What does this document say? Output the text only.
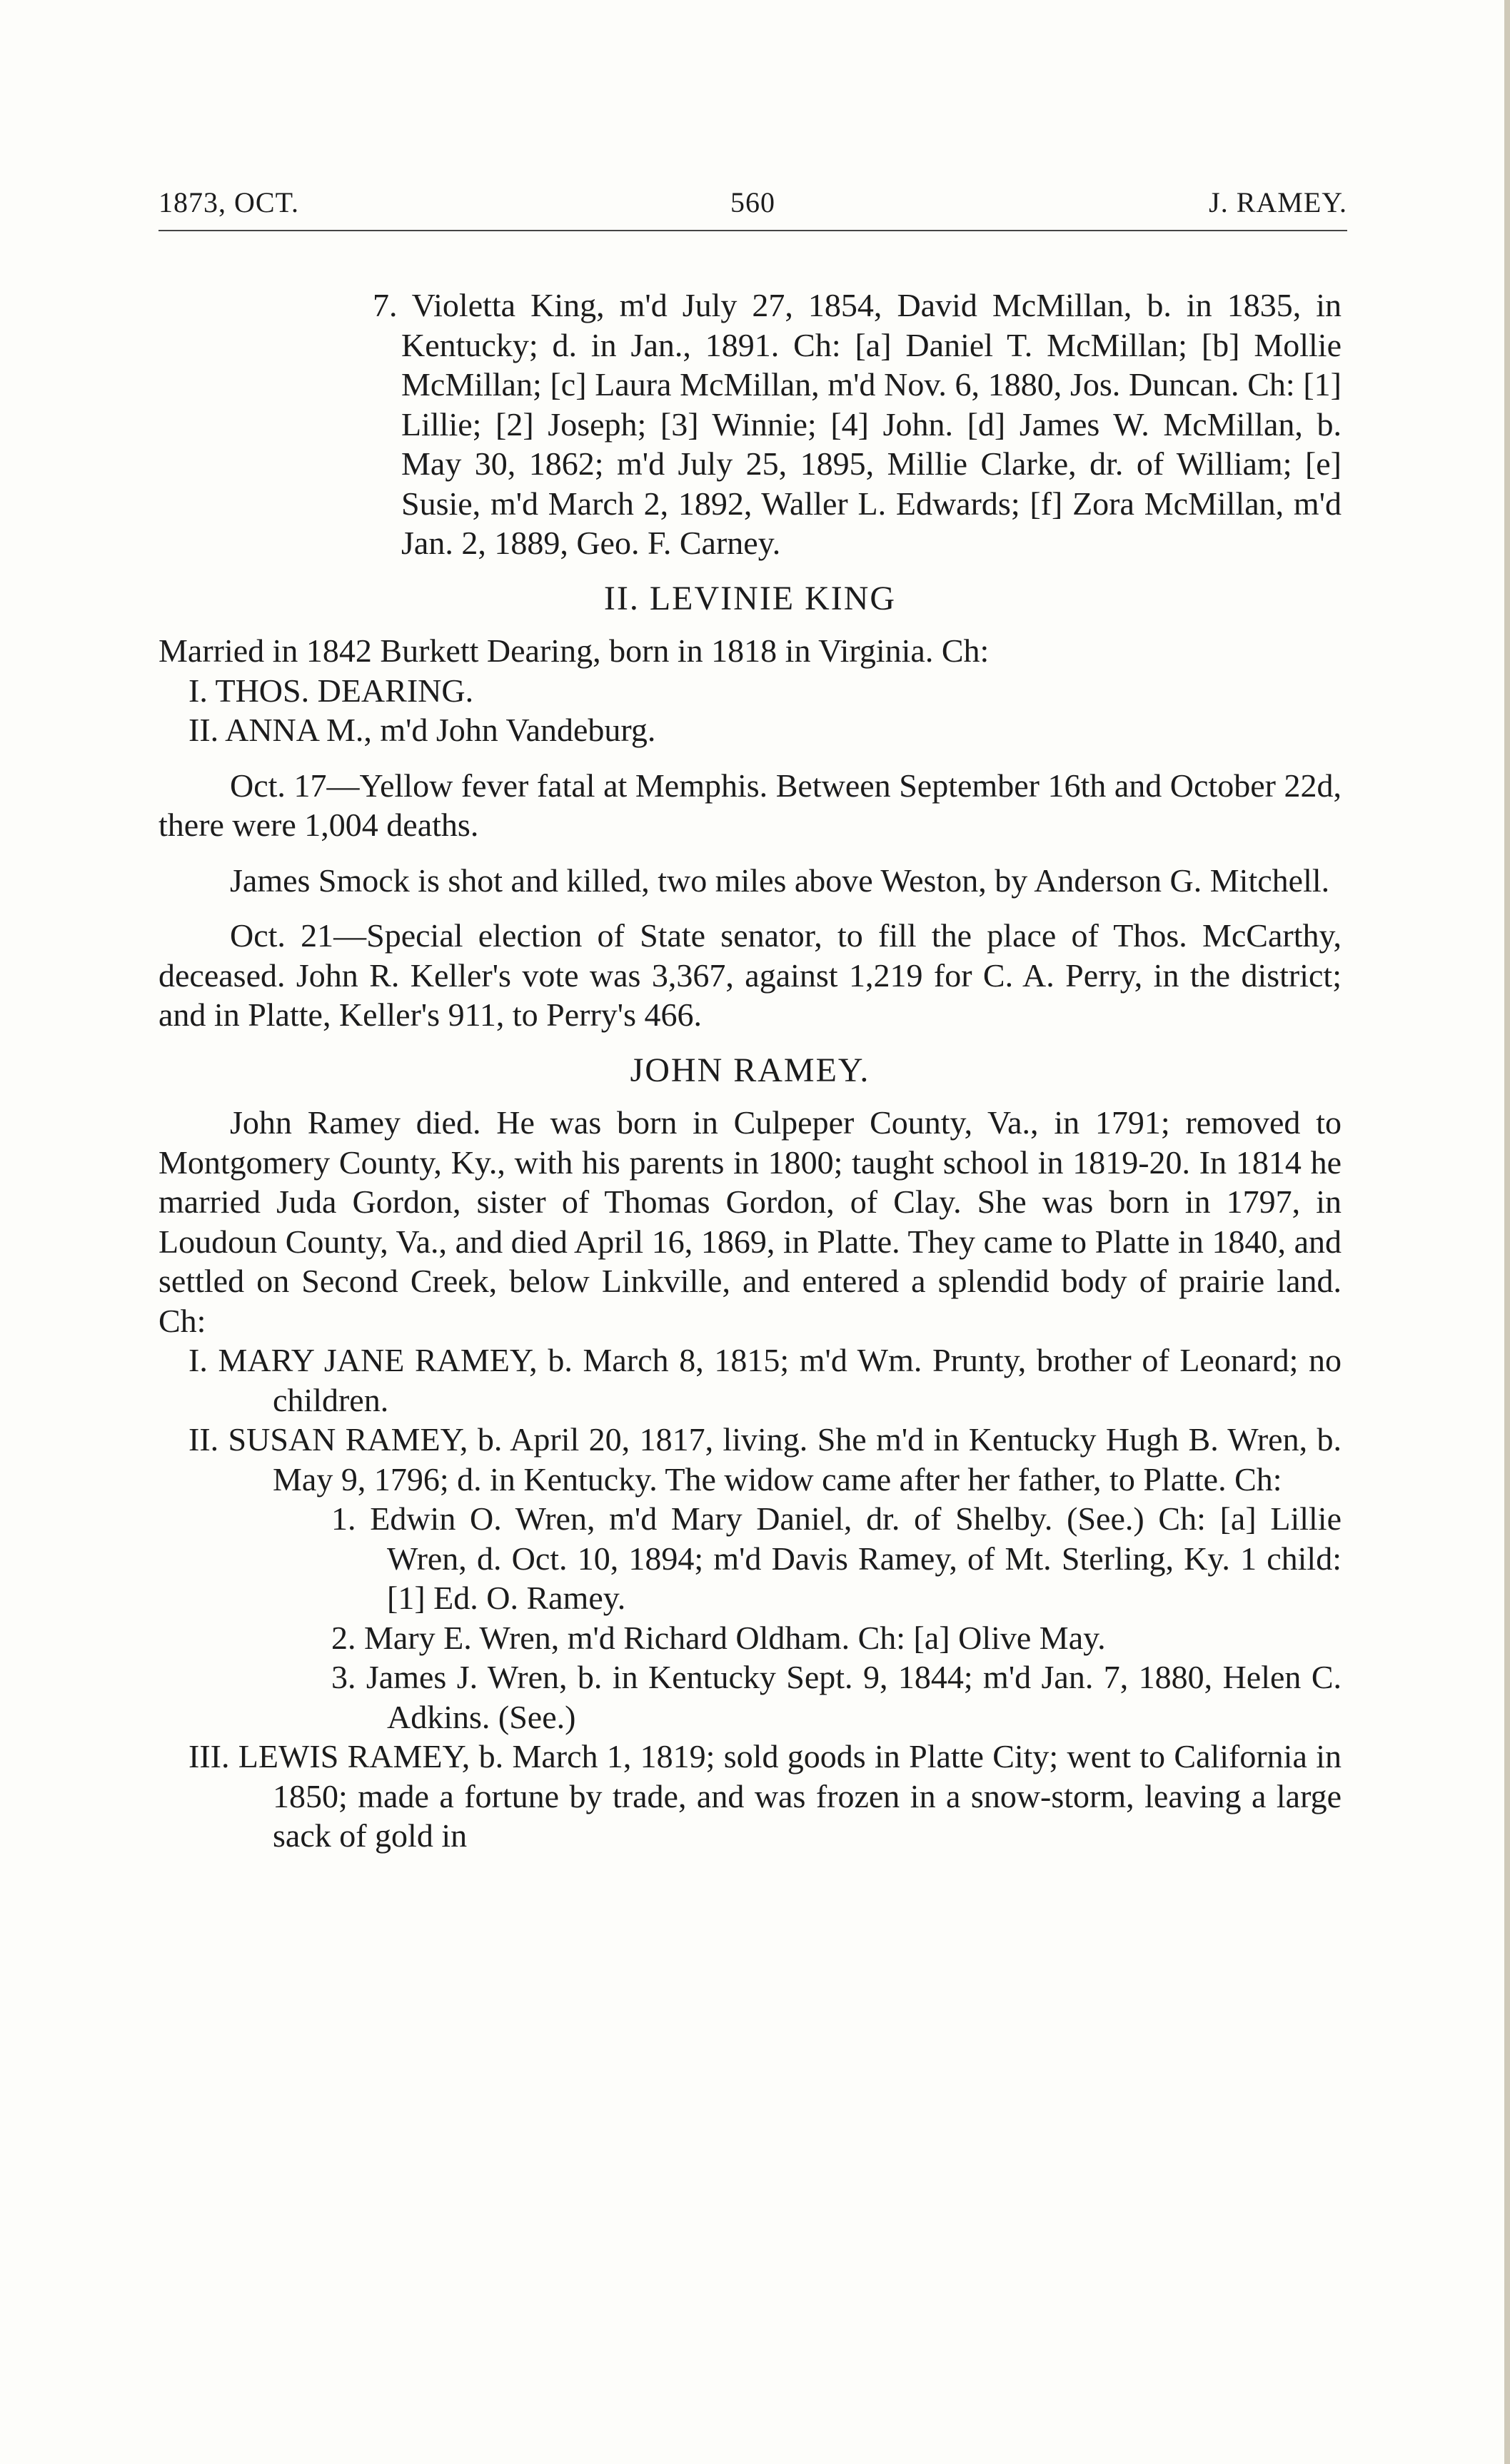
1873, OCT.	560	J. RAMEY.

7. Violetta King, m'd July 27, 1854, David McMillan, b. in 1835, in Kentucky; d. in Jan., 1891. Ch: [a] Daniel T. McMillan; [b] Mollie McMillan; [c] Laura McMillan, m'd Nov. 6, 1880, Jos. Duncan. Ch: [1] Lillie; [2] Joseph; [3] Winnie; [4] John. [d] James W. McMillan, b. May 30, 1862; m'd July 25, 1895, Millie Clarke, dr. of William; [e] Susie, m'd March 2, 1892, Waller L. Edwards; [f] Zora McMillan, m'd Jan. 2, 1889, Geo. F. Carney.

II. LEVINIE KING

Married in 1842 Burkett Dearing, born in 1818 in Virginia. Ch:

I. THOS. DEARING.

II. ANNA M., m'd John Vandeburg.

Oct. 17—Yellow fever fatal at Memphis. Between September 16th and October 22d, there were 1,004 deaths.

James Smock is shot and killed, two miles above Weston, by Anderson G. Mitchell.

Oct. 21—Special election of State senator, to fill the place of Thos. McCarthy, deceased. John R. Keller's vote was 3,367, against 1,219 for C. A. Perry, in the district; and in Platte, Keller's 911, to Perry's 466.

JOHN RAMEY.

John Ramey died. He was born in Culpeper County, Va., in 1791; removed to Montgomery County, Ky., with his parents in 1800; taught school in 1819-20. In 1814 he married Juda Gordon, sister of Thomas Gordon, of Clay. She was born in 1797, in Loudoun County, Va., and died April 16, 1869, in Platte. They came to Platte in 1840, and settled on Second Creek, below Linkville, and entered a splendid body of prairie land. Ch:

I. MARY JANE RAMEY, b. March 8, 1815; m'd Wm. Prunty, brother of Leonard; no children.

II. SUSAN RAMEY, b. April 20, 1817, living. She m'd in Kentucky Hugh B. Wren, b. May 9, 1796; d. in Kentucky. The widow came after her father, to Platte. Ch:

1. Edwin O. Wren, m'd Mary Daniel, dr. of Shelby. (See.) Ch: [a] Lillie Wren, d. Oct. 10, 1894; m'd Davis Ramey, of Mt. Sterling, Ky. 1 child: [1] Ed. O. Ramey.

2. Mary E. Wren, m'd Richard Oldham. Ch: [a] Olive May.

3. James J. Wren, b. in Kentucky Sept. 9, 1844; m'd Jan. 7, 1880, Helen C. Adkins. (See.)

III. LEWIS RAMEY, b. March 1, 1819; sold goods in Platte City; went to California in 1850; made a fortune by trade, and was frozen in a snow-storm, leaving a large sack of gold in
